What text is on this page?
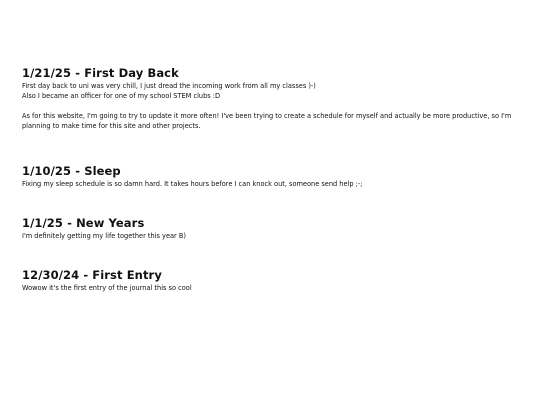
1/21/25 - First Day Back

First day back to uni was very chill, I just dread the incoming work from all my classes )-)

Also I became an officer for one of my school STEM clubs :D

As for this website, I'm going to try to update it more often! I've been trying to create a schedule for myself and actually be more productive, so I'm planning to make time for this site and other projects.

1/10/25 - Sleep

Fixing my sleep schedule is so damn hard. It takes hours before I can knock out, someone send help ;-;

1/1/25 - New Years

I'm definitely getting my life together this year B)

12/30/24 - First Entry

Wowow it's the first entry of the journal this so cool
